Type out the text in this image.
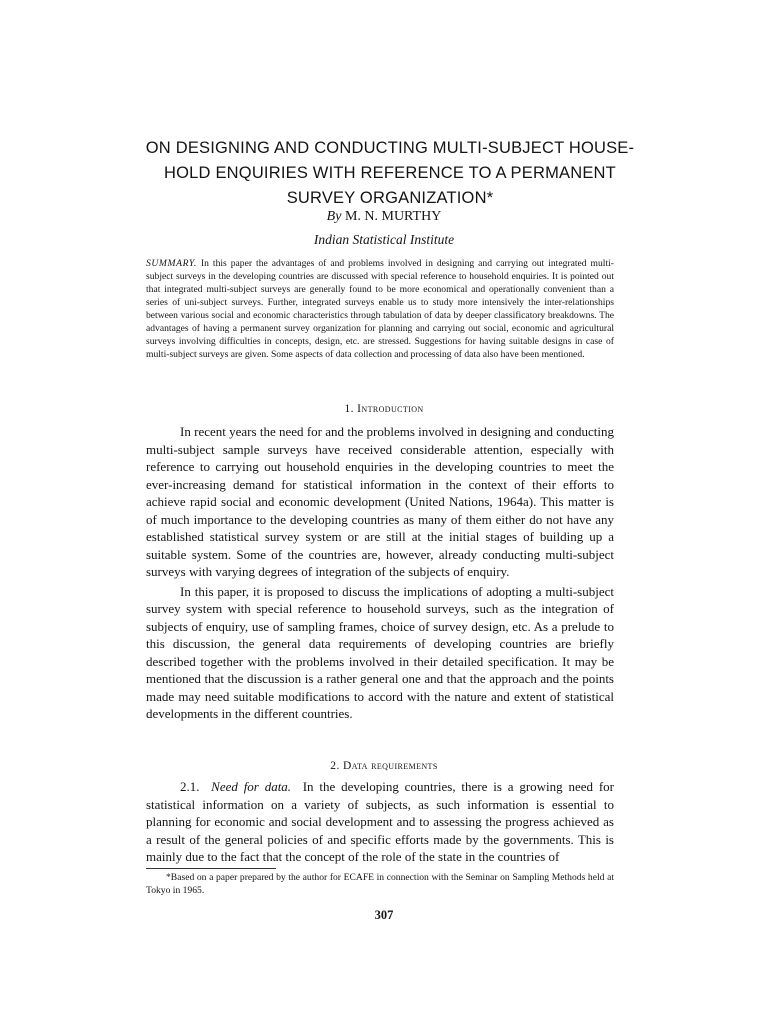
ON DESIGNING AND CONDUCTING MULTI-SUBJECT HOUSE-
HOLD ENQUIRIES WITH REFERENCE TO A PERMANENT
SURVEY ORGANIZATION*
By M. N. MURTHY
Indian Statistical Institute
SUMMARY. In this paper the advantages of and problems involved in designing and carrying out integrated multi-subject surveys in the developing countries are discussed with special reference to household enquiries. It is pointed out that integrated multi-subject surveys are generally found to be more economical and operationally convenient than a series of uni-subject surveys. Further, integrated surveys enable us to study more intensively the inter-relationships between various social and economic characteristics through tabulation of data by deeper classificatory breakdowns. The advantages of having a permanent survey organization for planning and carrying out social, economic and agricultural surveys involving difficulties in concepts, design, etc. are stressed. Suggestions for having suitable designs in case of multi-subject surveys are given. Some aspects of data collection and processing of data also have been mentioned.
1. Introduction

In recent years the need for and the problems involved in designing and conducting multi-subject sample surveys have received considerable attention, especially with reference to carrying out household enquiries in the developing countries to meet the ever-increasing demand for statistical information in the context of their efforts to achieve rapid social and economic development (United Nations, 1964a). This matter is of much importance to the developing countries as many of them either do not have any established statistical survey system or are still at the initial stages of building up a suitable system. Some of the countries are, however, already conducting multi-subject surveys with varying degrees of integration of the subjects of enquiry.

In this paper, it is proposed to discuss the implications of adopting a multi-subject survey system with special reference to household surveys, such as the integration of subjects of enquiry, use of sampling frames, choice of survey design, etc. As a prelude to this discussion, the general data requirements of developing countries are briefly described together with the problems involved in their detailed specification. It may be mentioned that the discussion is a rather general one and that the approach and the points made may need suitable modifications to accord with the nature and extent of statistical developments in the different countries.

2. Data requirements

2.1. Need for data. In the developing countries, there is a growing need for statistical information on a variety of subjects, as such information is essential to planning for economic and social development and to assessing the progress achieved as a result of the general policies of and specific efforts made by the governments. This is mainly due to the fact that the concept of the role of the state in the countries of

*Based on a paper prepared by the author for ECAFE in connection with the Seminar on Sampling Methods held at Tokyo in 1965.
307
